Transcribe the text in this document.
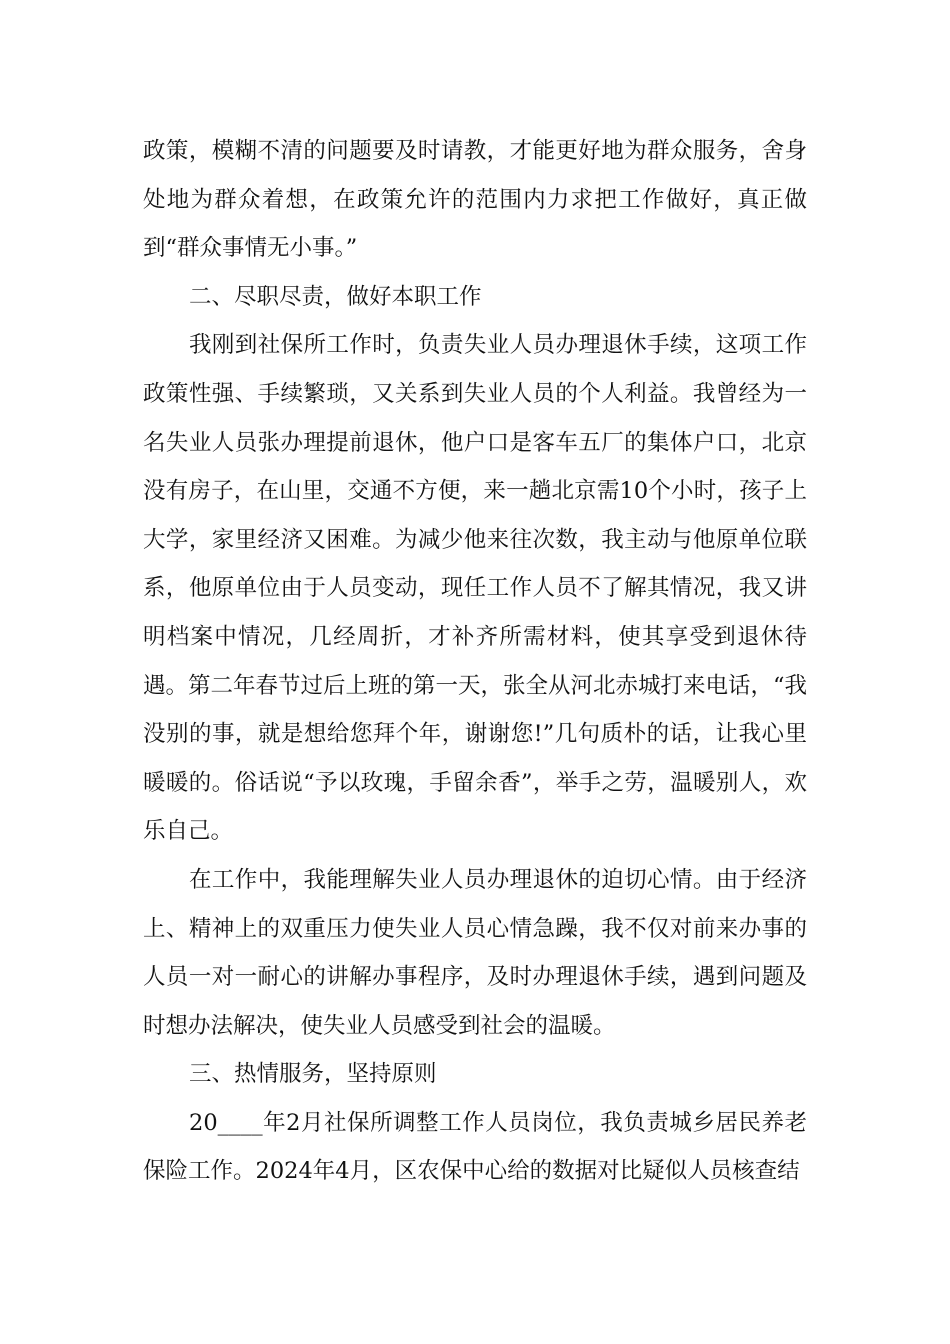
政策，模糊不清的问题要及时请教，才能更好地为群众服务，舍身处地为群众着想，在政策允许的范围内力求把工作做好，真正做到“群众事情无小事。”

二、尽职尽责，做好本职工作

我刚到社保所工作时，负责失业人员办理退休手续，这项工作政策性强、手续繁琐，又关系到失业人员的个人利益。我曾经为一名失业人员张办理提前退休，他户口是客车五厂的集体户口，北京没有房子，在山里，交通不方便，来一趟北京需10个小时，孩子上大学，家里经济又困难。为减少他来往次数，我主动与他原单位联系，他原单位由于人员变动，现任工作人员不了解其情况，我又讲明档案中情况，几经周折，才补齐所需材料，使其享受到退休待遇。第二年春节过后上班的第一天，张全从河北赤城打来电话，“我没别的事，就是想给您拜个年，谢谢您!”几句质朴的话，让我心里暖暖的。俗话说“予以玫瑰，手留余香”，举手之劳，温暖别人，欢乐自己。

在工作中，我能理解失业人员办理退休的迫切心情。由于经济上、精神上的双重压力使失业人员心情急躁，我不仅对前来办事的人员一对一耐心的讲解办事程序，及时办理退休手续，遇到问题及时想办法解决，使失业人员感受到社会的温暖。

三、热情服务，坚持原则

20____年2月社保所调整工作人员岗位，我负责城乡居民养老保险工作。2024年4月，区农保中心给的数据对比疑似人员核查结
